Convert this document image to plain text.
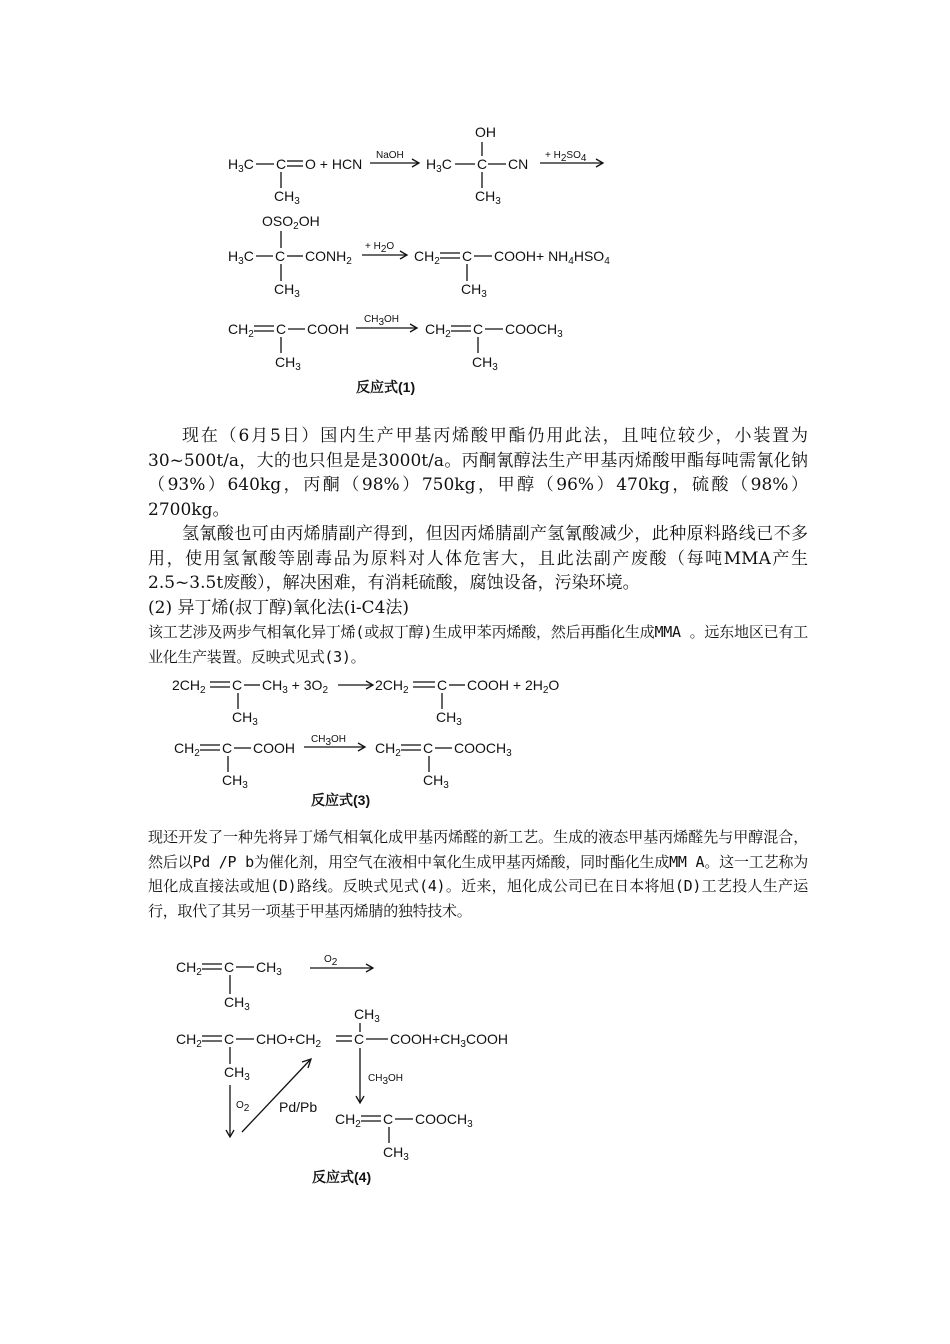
$H_3C$ C O + HCN
$CH_3$
NaOH
$H_3C$ C CN
OH
$CH_3$
+ H2SO4
$OSO_2OH$
$H_3C$ C $CONH_2$
+ H2O
$CH_3$
$CH_2$ C COOH+ $NH_4HSO_4$
$CH_3$
$CH_2$ C COOH
$CH_3$
CH3OH
$CH_2$ C $COOCH_3$
$CH_3$
反应式(1)
$2CH_2$ C $CH_3 + 3O_2$
$CH_3$
$2CH_2$ C COOH + $2H_2O$
$CH_3$
$CH_2$ C COOH
$CH_3$
CH3OH
$CH_2$ C $COOCH_3$
$CH_3$
反应式(3)
$CH_2$ C $CH_3$
$CH_3$
O2
$CH_2$ C $CHO+CH_2$ C $COOH+CH_3COOH$
$CH_3$
$CH_3$
O2 Pd/Pb
CH3OH
$CH_2$ C $COOCH_3$
$CH_3$
反应式(4)

现在（6月5日）国内生产甲基丙烯酸甲酯仍用此法，且吨位较少，小装置为30~500t/a，大的也只但是是3000t/a。丙酮氰醇法生产甲基丙烯酸甲酯每吨需氰化钠（93%）640kg，丙酮（98%）750kg，甲醇（96%）470kg，硫酸（98%）2700kg。

氢氰酸也可由丙烯腈副产得到，但因丙烯腈副产氢氰酸减少，此种原料路线已不多用，使用氢氰酸等剧毒品为原料对人体危害大，且此法副产废酸（每吨MMA产生2.5~3.5t废酸），解决困难，有消耗硫酸，腐蚀设备，污染环境。

(2) 异丁烯(叔丁醇)氧化法(i-C4法)

该工艺涉及两步气相氧化异丁烯(或叔丁醇)生成甲苯丙烯酸，然后再酯化生成MMA 。远东地区已有工业化生产装置。反映式见式(3)。

现还开发了一种先将异丁烯气相氧化成甲基丙烯醛的新工艺。生成的液态甲基丙烯醛先与甲醇混合，然后以Pd /P b为催化剂，用空气在液相中氧化生成甲基丙烯酸，同时酯化生成MM A。这一工艺称为旭化成直接法或旭(D)路线。反映式见式(4)。近来，旭化成公司已在日本将旭(D)工艺投人生产运行，取代了其另一项基于甲基丙烯腈的独特技术。
